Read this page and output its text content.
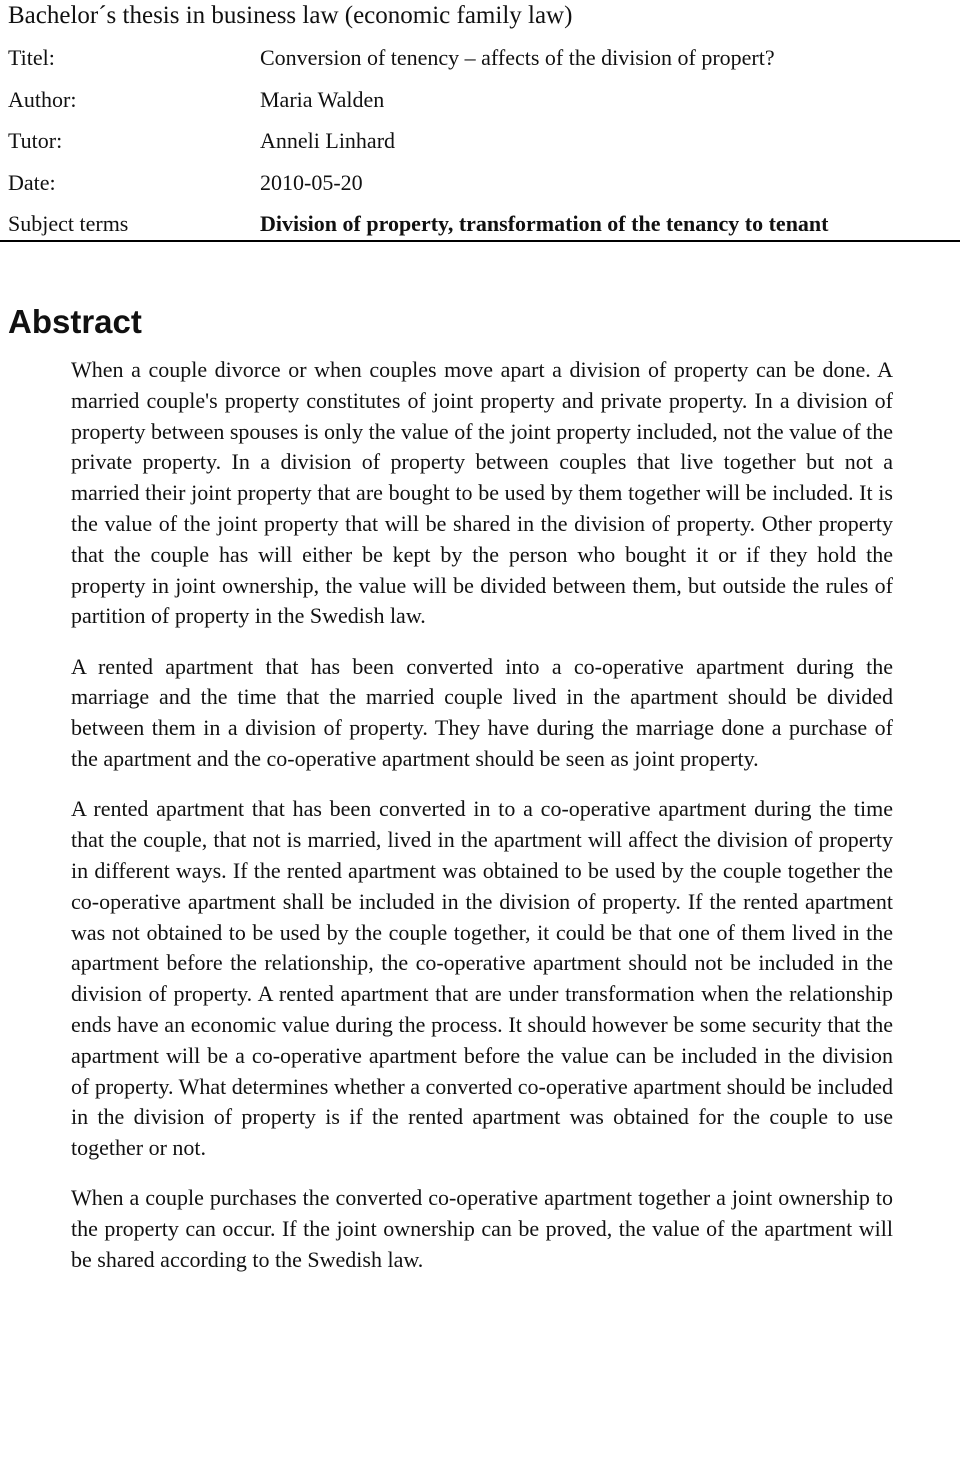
Bachelor´s thesis in business law (economic family law)
Titel:	Conversion of tenency – affects of the division of propert?
Author:	Maria Walden
Tutor:	Anneli Linhard
Date:	2010-05-20
Subject terms	Division of property, transformation of the tenancy to tenant
Abstract

When a couple divorce or when couples move apart a division of property can be done. A married couple's property constitutes of joint property and private property. In a division of property between spouses is only the value of the joint property included, not the value of the private property. In a division of property between couples that live together but not a married their joint property that are bought to be used by them together will be included. It is the value of the joint property that will be shared in the division of property. Other property that the couple has will either be kept by the person who bought it or if they hold the property in joint ownership, the value will be divided between them, but outside the rules of partition of property in the Swedish law.

A rented apartment that has been converted into a co-operative apartment during the marriage and the time that the married couple lived in the apartment should be divided between them in a division of property. They have during the marriage done a purchase of the apartment and the co-operative apartment should be seen as joint property.

A rented apartment that has been converted in to a co-operative apartment during the time that the couple, that not is married, lived in the apartment will affect the division of property in different ways. If the rented apartment was obtained to be used by the couple together the co-operative apartment shall be included in the division of property. If the rented apartment was not obtained to be used by the couple together, it could be that one of them lived in the apartment before the relationship, the co-operative apartment should not be included in the division of property. A rented apartment that are under transformation when the relationship ends have an economic value during the process. It should however be some security that the apartment will be a co-operative apartment before the value can be included in the division of property. What determines whether a converted co-operative apartment should be included in the division of property is if the rented apartment was obtained for the couple to use together or not.

When a couple purchases the converted co-operative apartment together a joint ownership to the property can occur. If the joint ownership can be proved, the value of the apartment will be shared according to the Swedish law.
